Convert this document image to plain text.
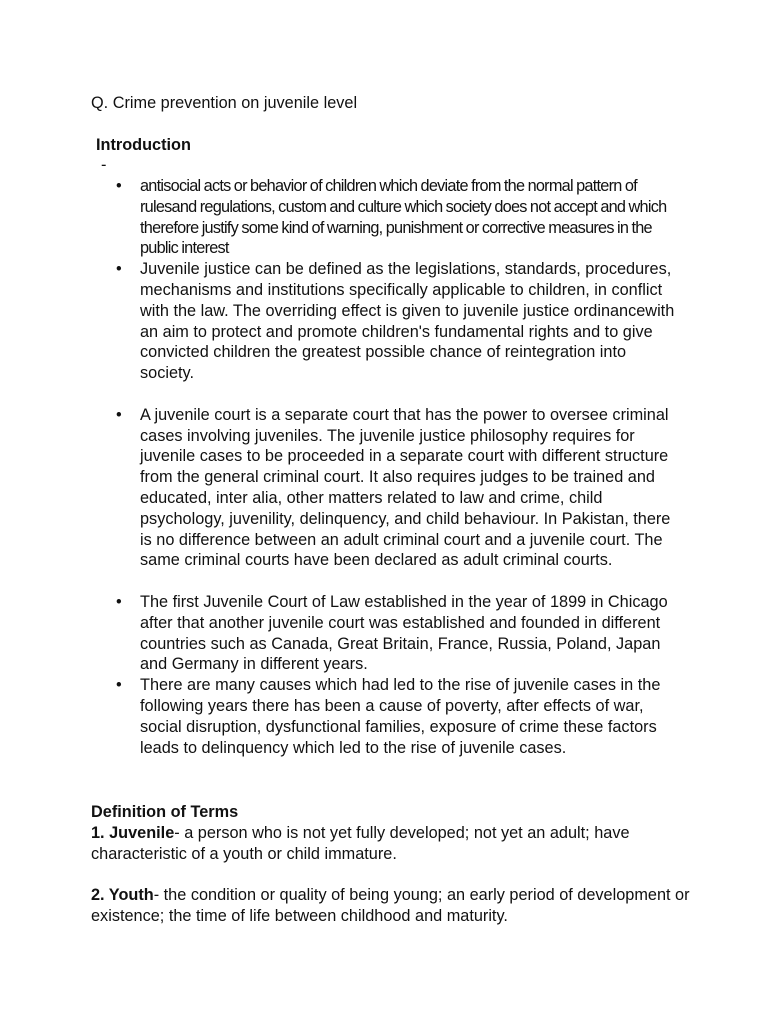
Q. Crime prevention on juvenile level

Introduction
-
• antisocial acts or behavior of children which deviate from the normal pattern of rulesand regulations, custom and culture which society does not accept and which therefore justify some kind of warning, punishment or corrective measures in the public interest
• Juvenile justice can be defined as the legislations, standards, procedures, mechanisms and institutions specifically applicable to children, in conflict with the law. The overriding effect is given to juvenile justice ordinancewith an aim to protect and promote children's fundamental rights and to give convicted children the greatest possible chance of reintegration into society.
• A juvenile court is a separate court that has the power to oversee criminal cases involving juveniles. The juvenile justice philosophy requires for juvenile cases to be proceeded in a separate court with different structure from the general criminal court. It also requires judges to be trained and educated, inter alia, other matters related to law and crime, child psychology, juvenility, delinquency, and child behaviour. In Pakistan, there is no difference between an adult criminal court and a juvenile court. The same criminal courts have been declared as adult criminal courts.
• The first Juvenile Court of Law established in the year of 1899 in Chicago after that another juvenile court was established and founded in different countries such as Canada, Great Britain, France, Russia, Poland, Japan and Germany in different years.
• There are many causes which had led to the rise of juvenile cases in the following years there has been a cause of poverty, after effects of war, social disruption, dysfunctional families, exposure of crime these factors leads to delinquency which led to the rise of juvenile cases.

Definition of Terms

1. Juvenile- a person who is not yet fully developed; not yet an adult; have characteristic of a youth or child immature.

2. Youth- the condition or quality of being young; an early period of development or existence; the time of life between childhood and maturity.
